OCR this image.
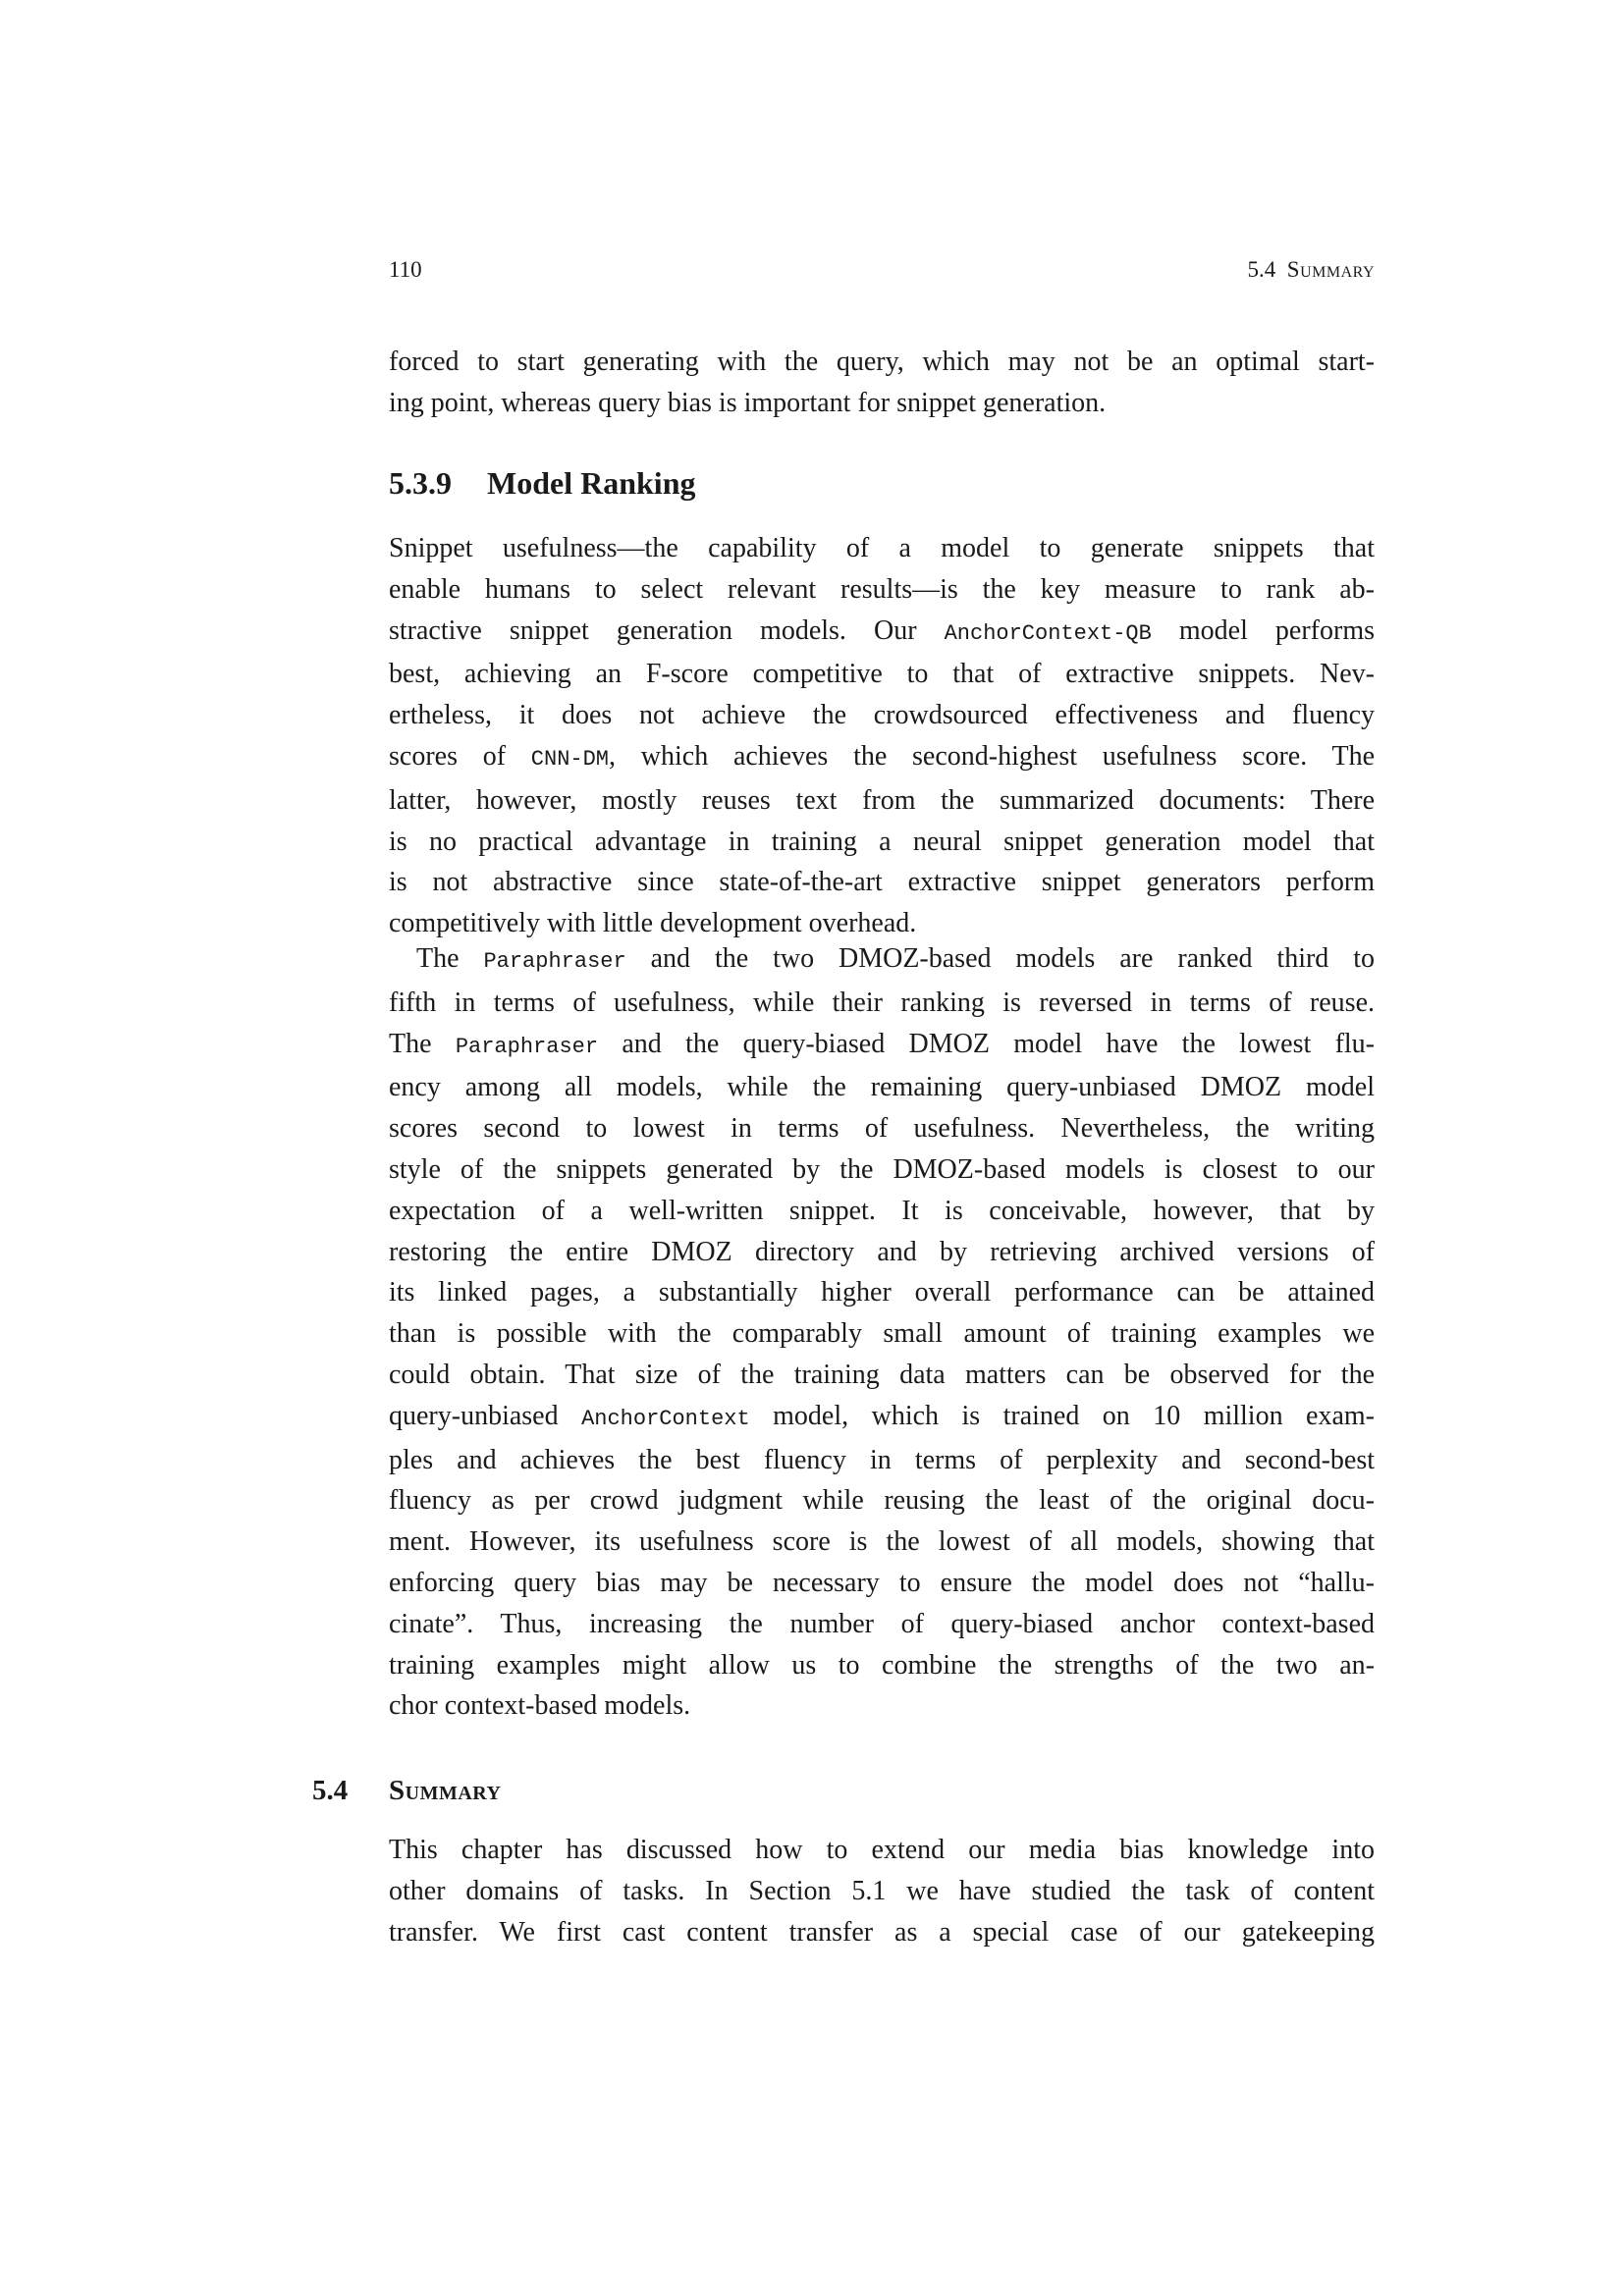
110	5.4 Summary
forced to start generating with the query, which may not be an optimal start-
ing point, whereas query bias is important for snippet generation.
5.3.9 Model Ranking
Snippet usefulness—the capability of a model to generate snippets that
enable humans to select relevant results—is the key measure to rank ab-
stractive snippet generation models. Our AnchorContext-QB model performs
best, achieving an F-score competitive to that of extractive snippets. Nev-
ertheless, it does not achieve the crowdsourced effectiveness and fluency
scores of CNN-DM, which achieves the second-highest usefulness score. The
latter, however, mostly reuses text from the summarized documents: There
is no practical advantage in training a neural snippet generation model that
is not abstractive since state-of-the-art extractive snippet generators perform
competitively with little development overhead.
The Paraphraser and the two DMOZ-based models are ranked third to
fifth in terms of usefulness, while their ranking is reversed in terms of reuse.
The Paraphraser and the query-biased DMOZ model have the lowest flu-
ency among all models, while the remaining query-unbiased DMOZ model
scores second to lowest in terms of usefulness. Nevertheless, the writing
style of the snippets generated by the DMOZ-based models is closest to our
expectation of a well-written snippet. It is conceivable, however, that by
restoring the entire DMOZ directory and by retrieving archived versions of
its linked pages, a substantially higher overall performance can be attained
than is possible with the comparably small amount of training examples we
could obtain. That size of the training data matters can be observed for the
query-unbiased AnchorContext model, which is trained on 10 million exam-
ples and achieves the best fluency in terms of perplexity and second-best
fluency as per crowd judgment while reusing the least of the original docu-
ment. However, its usefulness score is the lowest of all models, showing that
enforcing query bias may be necessary to ensure the model does not “hallu-
cinate”. Thus, increasing the number of query-biased anchor context-based
training examples might allow us to combine the strengths of the two an-
chor context-based models.
5.4 Summary
This chapter has discussed how to extend our media bias knowledge into
other domains of tasks. In Section 5.1 we have studied the task of content
transfer. We first cast content transfer as a special case of our gatekeeping
